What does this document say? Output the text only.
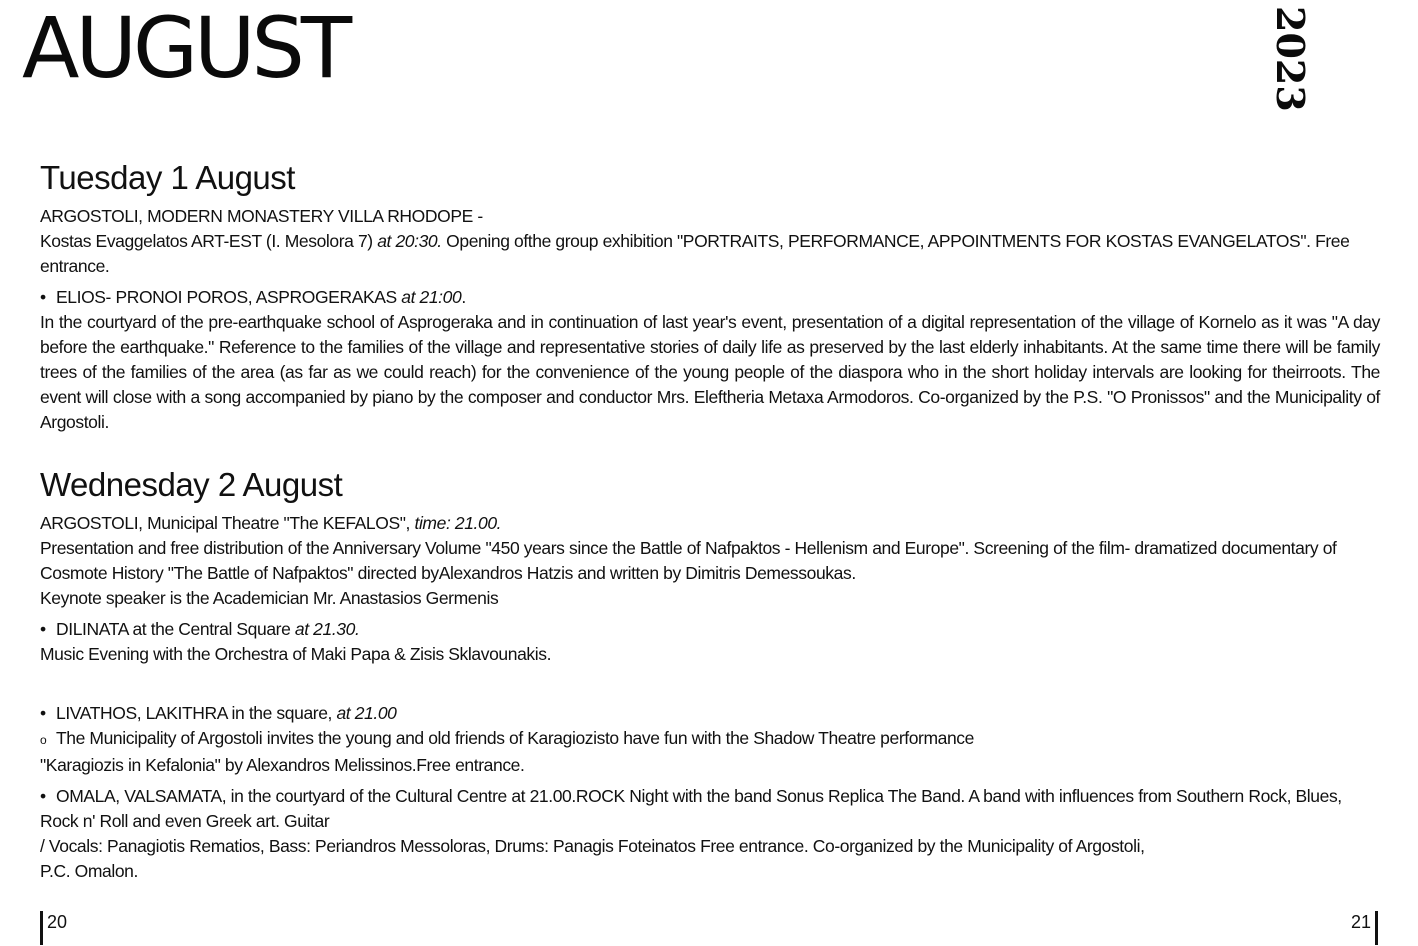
AUGUST	2023
Tuesday 1 August
ARGOSTOLI, MODERN MONASTERY VILLA RHODOPE -
Kostas Evaggelatos ART-EST (I. Mesolora 7) at 20:30. Opening ofthe group exhibition "PORTRAITS, PERFORMANCE, APPOINTMENTS FOR KOSTAS EVANGELATOS". Free entrance.
• ELIOS- PRONOI POROS, ASPROGERAKAS at 21:00.
In the courtyard of the pre-earthquake school of Asprogeraka and in continuation of last year's event, presentation of a digital representation of the village of Kornelo as it was "A day before the earthquake." Reference to the families of the village and representative stories of daily life as preserved by the last elderly inhabitants. At the same time there will be family trees of the families of the area (as far as we could reach) for the convenience of the young people of the diaspora who in the short holiday intervals are looking for theirroots. The event will close with a song accompanied by piano by the composer and conductor Mrs. Eleftheria Metaxa Armodoros. Co-organized by the P.S. "O Pronissos" and the Municipality of Argostoli.
Wednesday 2 August
ARGOSTOLI, Municipal Theatre "The KEFALOS", time: 21.00.
Presentation and free distribution of the Anniversary Volume "450 years since the Battle of Nafpaktos - Hellenism and Europe". Screening of the film- dramatized documentary of Cosmote History "The Battle of Nafpaktos" directed byAlexandros Hatzis and written by Dimitris Demessoukas.
Keynote speaker is the Academician Mr. Anastasios Germenis
• DILINATA at the Central Square at 21.30.
Music Evening with the Orchestra of Maki Papa & Zisis Sklavounakis.
• LIVATHOS, LAKITHRA in the square, at 21.00
o The Municipality of Argostoli invites the young and old friends of Karagiozisto have fun with the Shadow Theatre performance
"Karagiozis in Kefalonia" by Alexandros Melissinos.Free entrance.
• OMALA, VALSAMATA, in the courtyard of the Cultural Centre at 21.00.ROCK Night with the band Sonus Replica The Band. A band with influences from Southern Rock, Blues, Rock n' Roll and even Greek art. Guitar
/ Vocals: Panagiotis Rematios, Bass: Periandros Messoloras, Drums: Panagis Foteinatos Free entrance. Co-organized by the Municipality of Argostoli,
P.C. Omalon.
20	21
